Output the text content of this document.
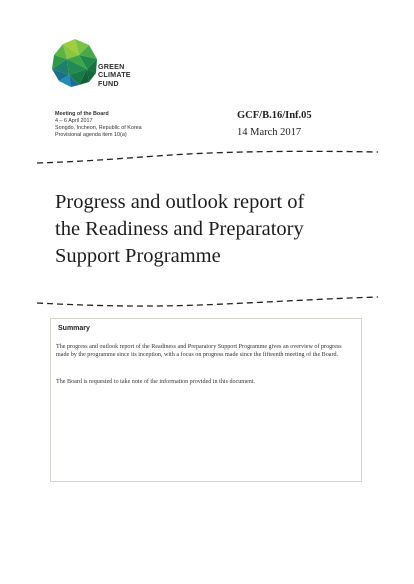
GREEN
CLIMATE
FUND
Meeting of the Board
4 – 6 April 2017
Songdo, Incheon, Republic of Korea
Provisional agenda item 10(a)
GCF/B.16/Inf.05
14 March 2017
Progress and outlook report of
the Readiness and Preparatory
Support Programme
Summary

The progress and outlook report of the Readiness and Preparatory Support Programme gives an overview of progress made by the programme since its inception, with a focus on progress made since the fifteenth meeting of the Board.

The Board is requested to take note of the information provided in this document.
